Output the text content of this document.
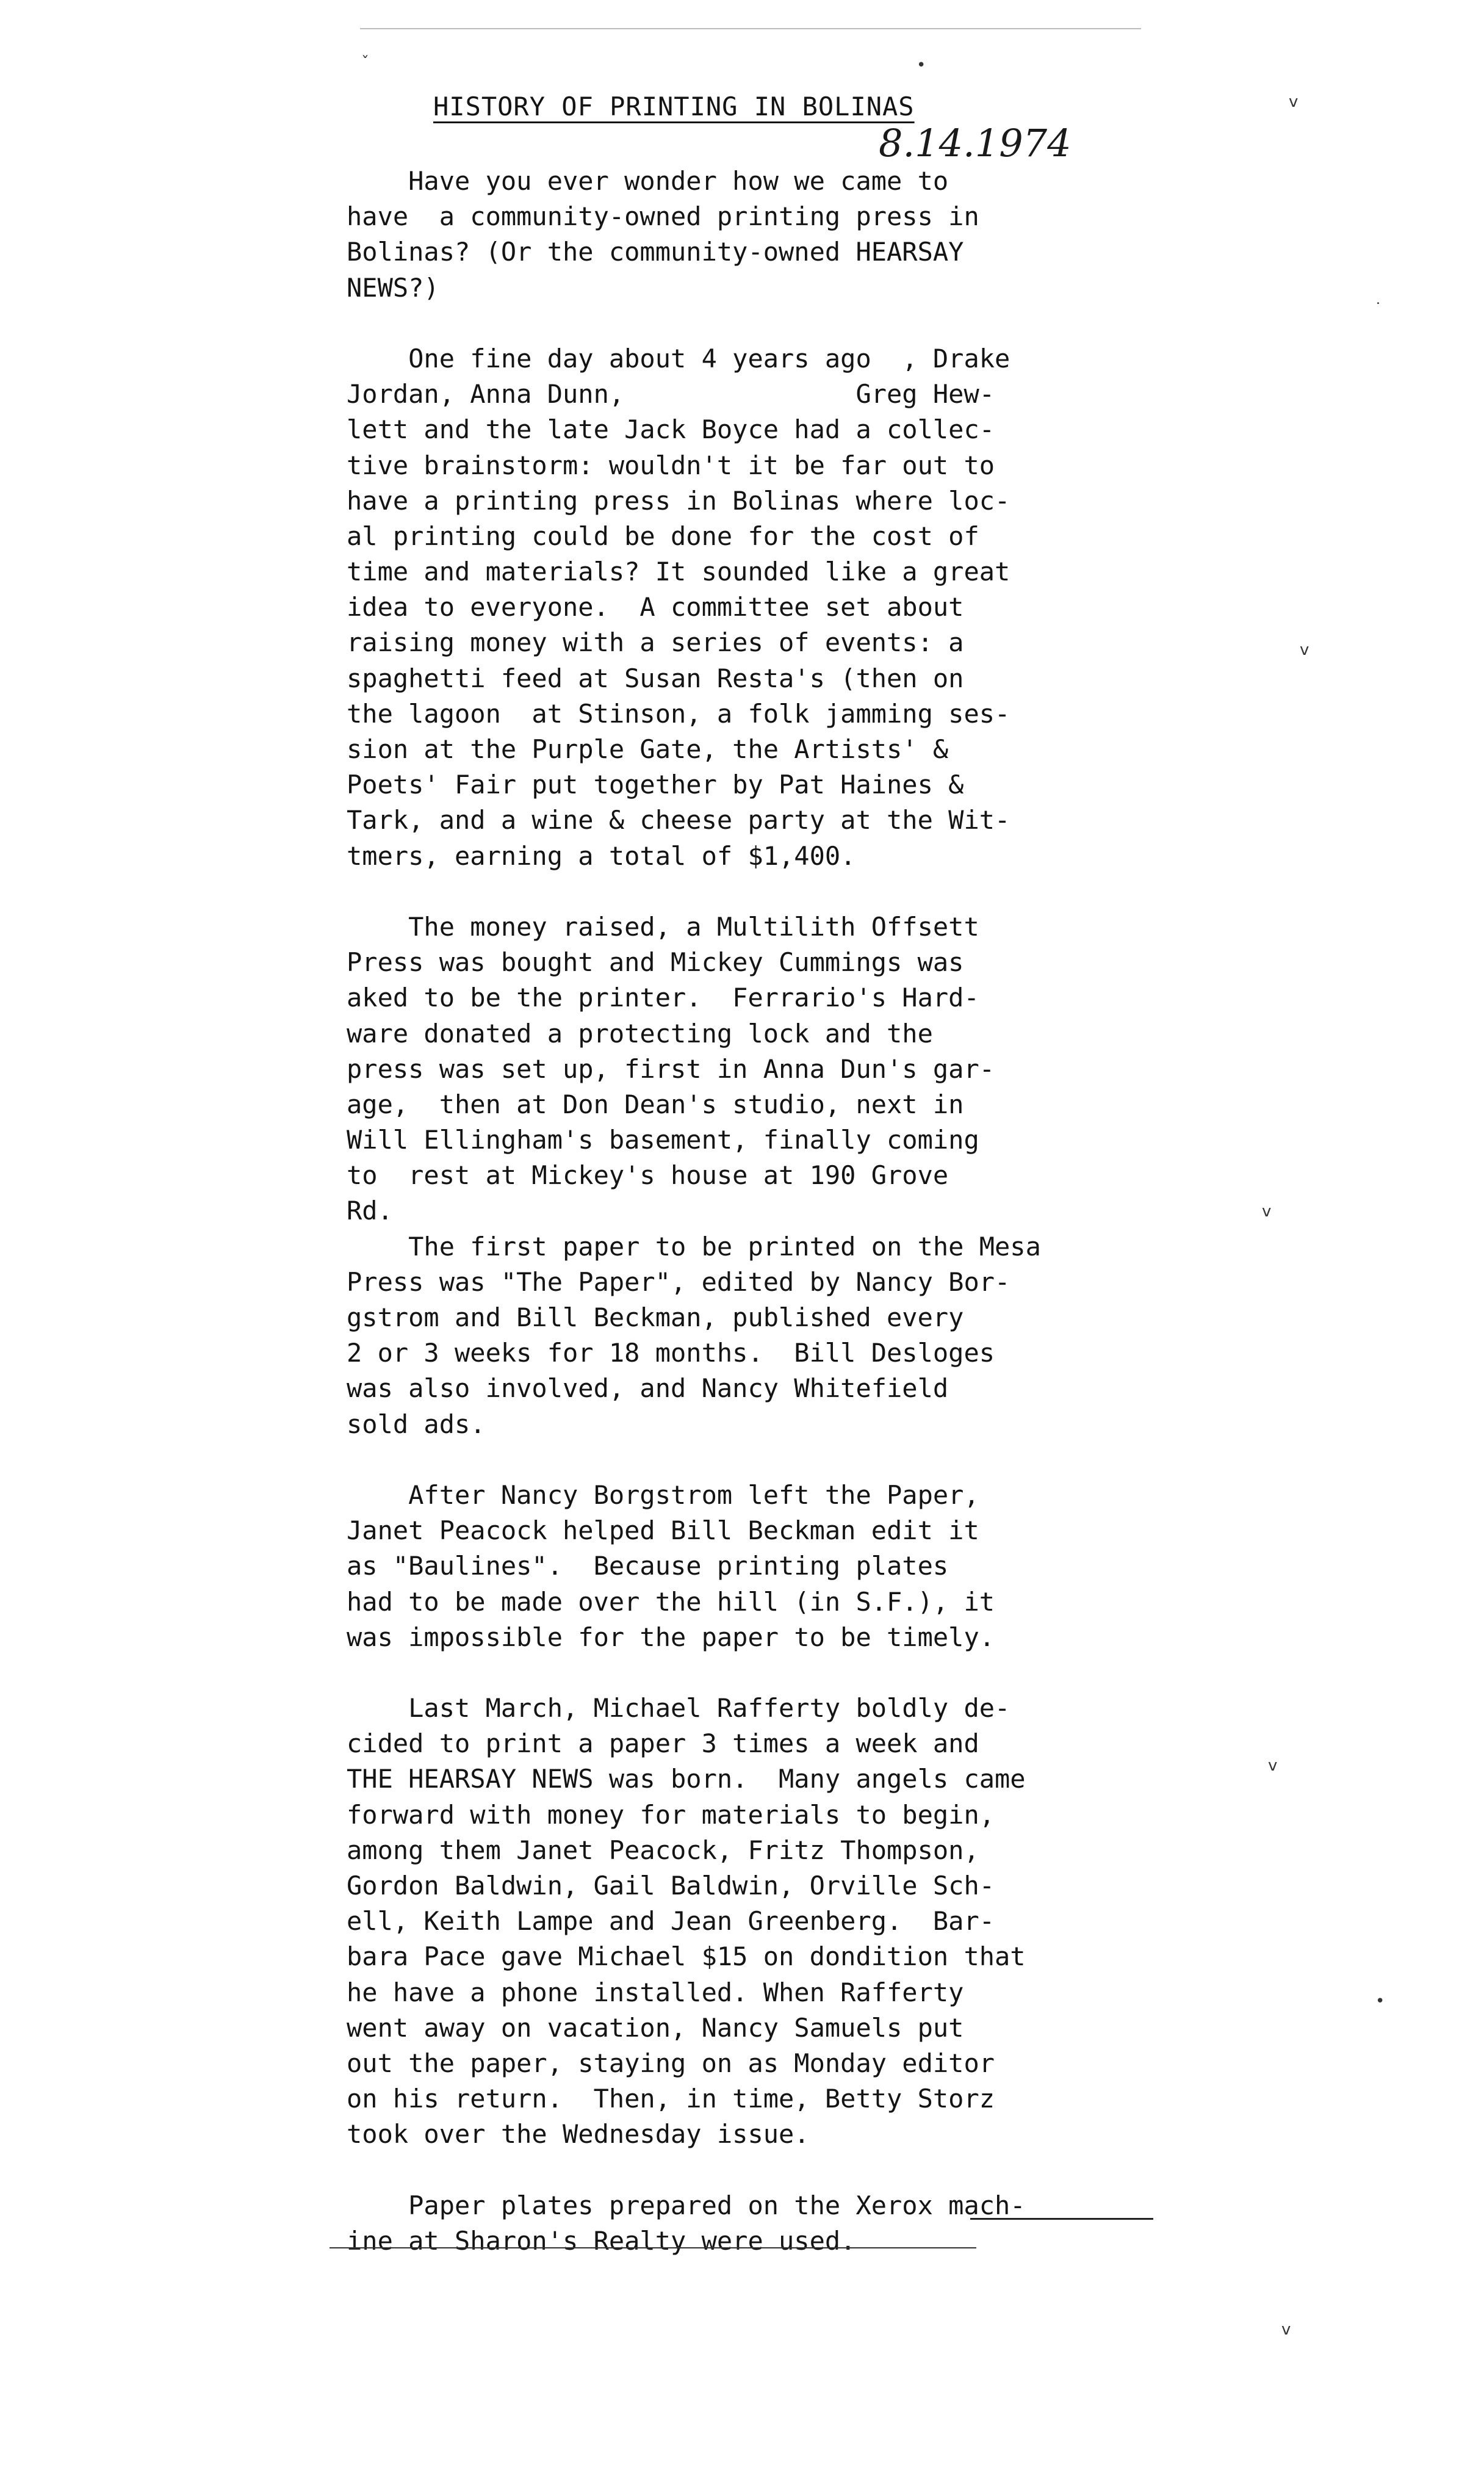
HISTORY OF PRINTING IN BOLINAS
8.14.1974
Have you ever wonder how we came to
have  a community-owned printing press in
Bolinas? (Or the community-owned HEARSAY
NEWS?)
One fine day about 4 years ago  , Drake
Jordan, Anna Dunn,               Greg Hew-
lett and the late Jack Boyce had a collec-
tive brainstorm: wouldn't it be far out to
have a printing press in Bolinas where loc-
al printing could be done for the cost of
time and materials? It sounded like a great
idea to everyone.  A committee set about
raising money with a series of events: a
spaghetti feed at Susan Resta's (then on
the lagoon  at Stinson, a folk jamming ses-
sion at the Purple Gate, the Artists' &
Poets' Fair put together by Pat Haines &
Tark, and a wine & cheese party at the Wit-
tmers, earning a total of $1,400.
The money raised, a Multilith Offsett
Press was bought and Mickey Cummings was
aked to be the printer.  Ferrario's Hard-
ware donated a protecting lock and the
press was set up, first in Anna Dun's gar-
age,  then at Don Dean's studio, next in
Will Ellingham's basement, finally coming
to  rest at Mickey's house at 190 Grove
Rd.
The first paper to be printed on the Mesa
Press was "The Paper", edited by Nancy Bor-
gstrom and Bill Beckman, published every
2 or 3 weeks for 18 months.  Bill Desloges
was also involved, and Nancy Whitefield
sold ads.
After Nancy Borgstrom left the Paper,
Janet Peacock helped Bill Beckman edit it
as "Baulines".  Because printing plates
had to be made over the hill (in S.F.), it
was impossible for the paper to be timely.
Last March, Michael Rafferty boldly de-
cided to print a paper 3 times a week and
THE HEARSAY NEWS was born.  Many angels came
forward with money for materials to begin,
among them Janet Peacock, Fritz Thompson,
Gordon Baldwin, Gail Baldwin, Orville Sch-
ell, Keith Lampe and Jean Greenberg.  Bar-
bara Pace gave Michael $15 on dondition that
he have a phone installed. When Rafferty
went away on vacation, Nancy Samuels put
out the paper, staying on as Monday editor
on his return.  Then, in time, Betty Storz
took over the Wednesday issue.
Paper plates prepared on the Xerox mach-
ine at Sharon's Realty were used.
ˇ	•
v
˙
v
v
v
•
v
